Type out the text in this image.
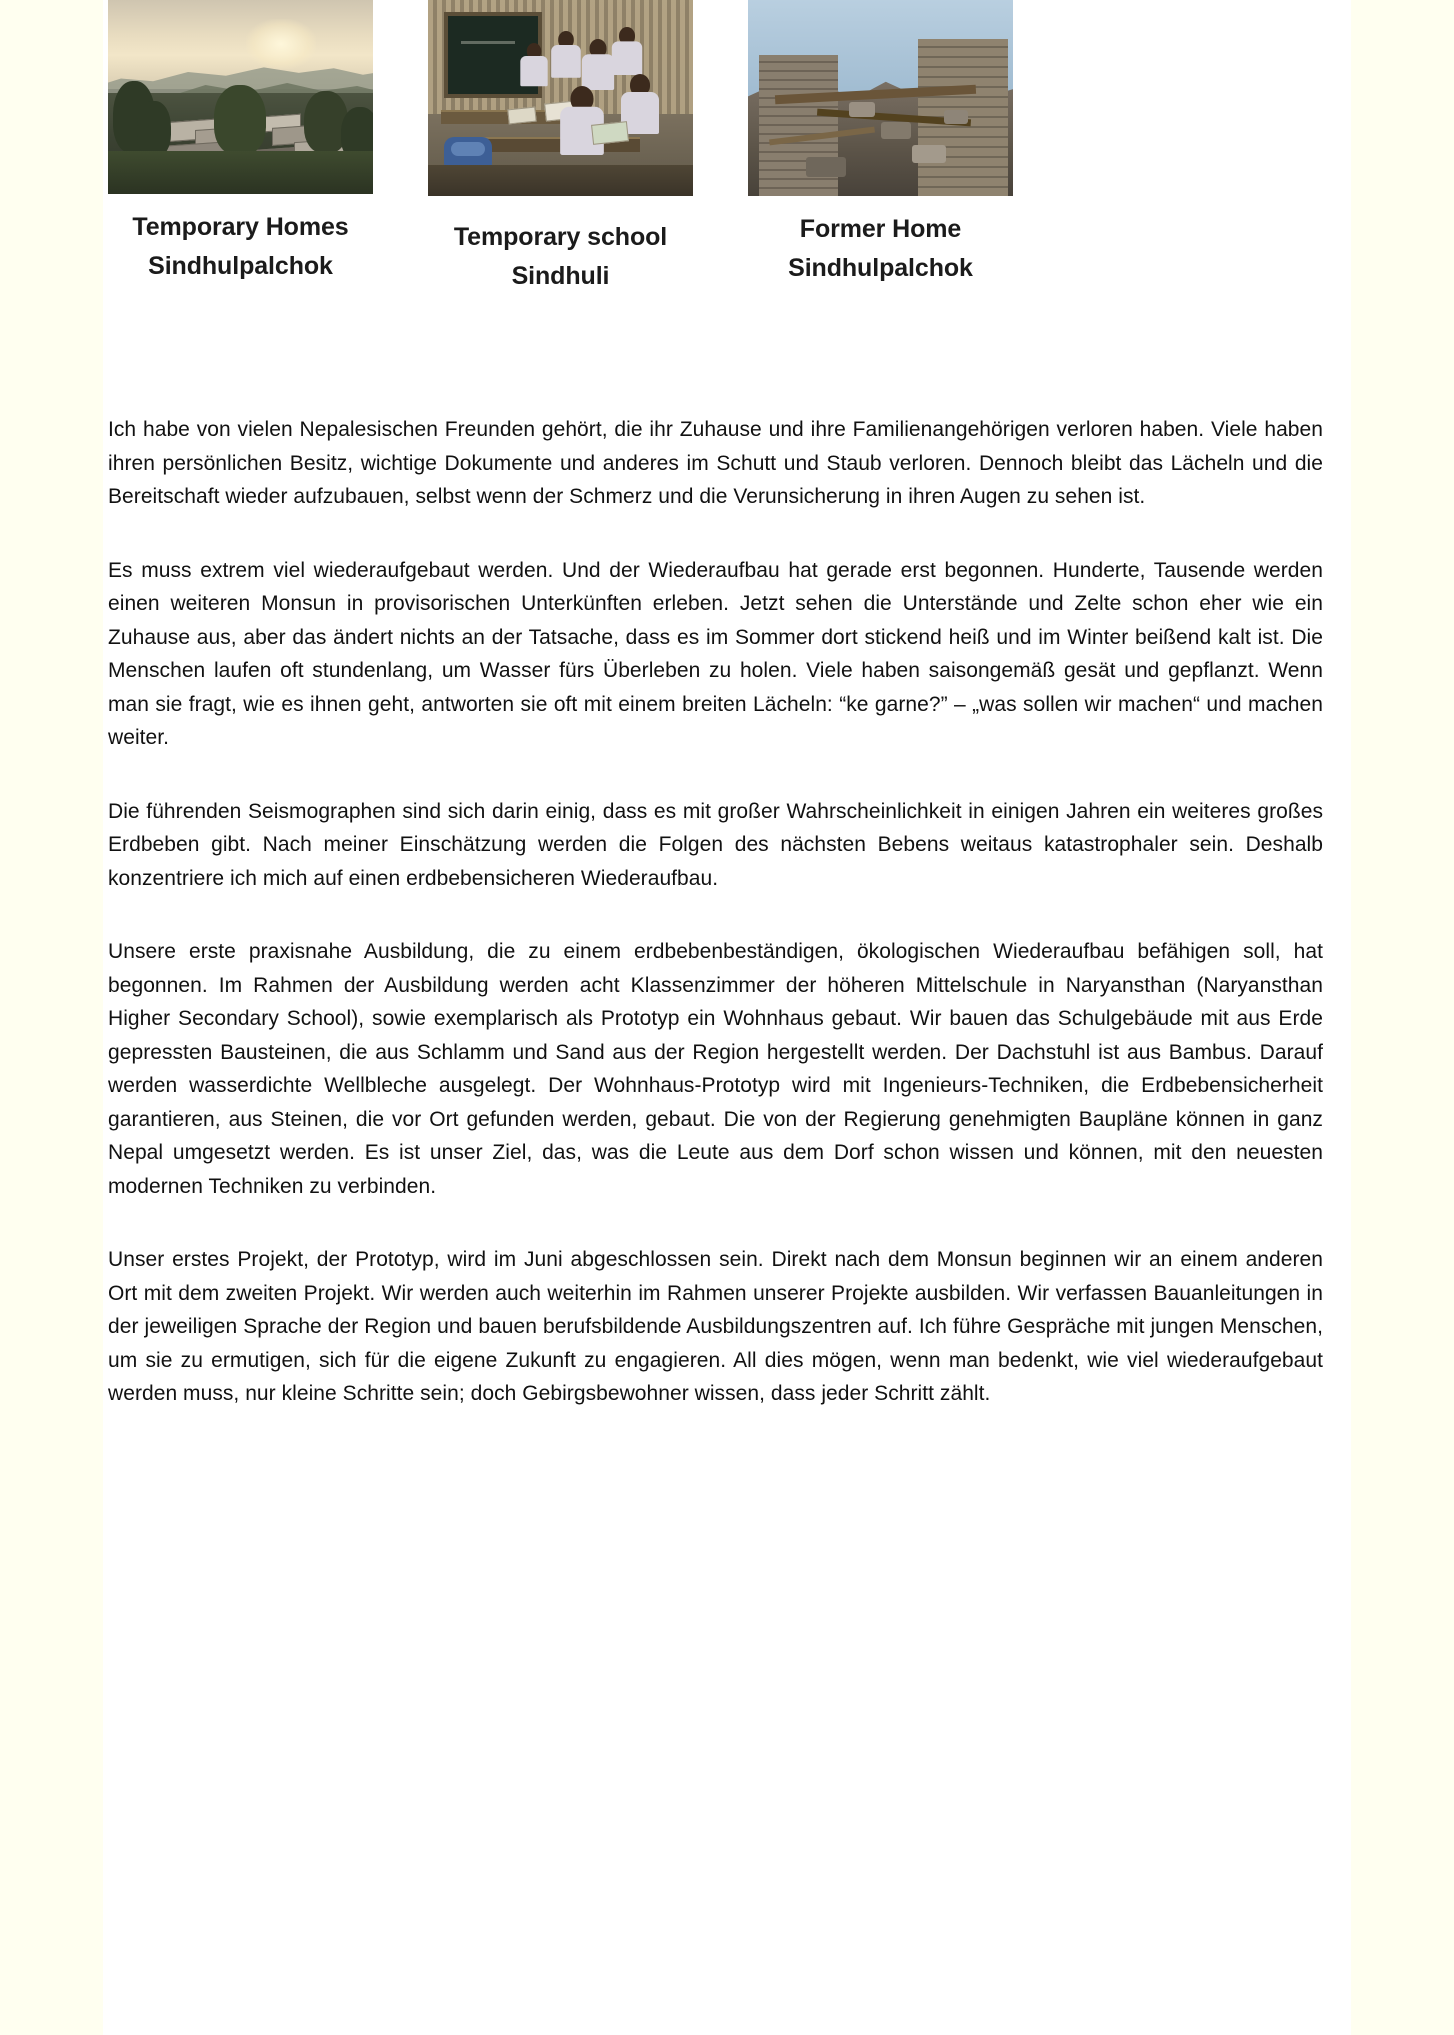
Temporary Homes
Sindhulpalchok
Temporary school
Sindhuli
Former Home
Sindhulpalchok

Ich habe von vielen Nepalesischen Freunden gehört, die ihr Zuhause und ihre Familienangehörigen verloren haben. Viele haben ihren persönlichen Besitz, wichtige Dokumente und anderes im Schutt und Staub verloren. Dennoch bleibt das Lächeln und die Bereitschaft wieder aufzubauen, selbst wenn der Schmerz und die Verunsicherung in ihren Augen zu sehen ist.

Es muss extrem viel wiederaufgebaut werden. Und der Wiederaufbau hat gerade erst begonnen. Hunderte, Tausende werden einen weiteren Monsun in provisorischen Unterkünften erleben. Jetzt sehen die Unterstände und Zelte schon eher wie ein Zuhause aus, aber das ändert nichts an der Tatsache, dass es im Sommer dort stickend heiß und im Winter beißend kalt ist. Die Menschen laufen oft stundenlang, um Wasser fürs Überleben zu holen. Viele haben saisongemäß gesät und gepflanzt. Wenn man sie fragt, wie es ihnen geht, antworten sie oft mit einem breiten Lächeln: “ke garne?” – „was sollen wir machen“ und machen weiter.

Die führenden Seismographen sind sich darin einig, dass es mit großer Wahrscheinlichkeit in einigen Jahren ein weiteres großes Erdbeben gibt. Nach meiner Einschätzung werden die Folgen des nächsten Bebens weitaus katastrophaler sein. Deshalb konzentriere ich mich auf einen erdbebensicheren Wiederaufbau.

Unsere erste praxisnahe Ausbildung, die zu einem erdbebenbeständigen, ökologischen Wiederaufbau befähigen soll, hat begonnen. Im Rahmen der Ausbildung werden acht Klassenzimmer der höheren Mittelschule in Naryansthan (Naryansthan Higher Secondary School), sowie exemplarisch als Prototyp ein Wohnhaus gebaut. Wir bauen das Schulgebäude mit aus Erde gepressten Bausteinen, die aus Schlamm und Sand aus der Region hergestellt werden. Der Dachstuhl ist aus Bambus. Darauf werden wasserdichte Wellbleche ausgelegt. Der Wohnhaus-Prototyp wird mit Ingenieurs-Techniken, die Erdbebensicherheit garantieren, aus Steinen, die vor Ort gefunden werden, gebaut. Die von der Regierung genehmigten Baupläne können in ganz Nepal umgesetzt werden. Es ist unser Ziel, das, was die Leute aus dem Dorf schon wissen und können, mit den neuesten modernen Techniken zu verbinden.

Unser erstes Projekt, der Prototyp, wird im Juni abgeschlossen sein. Direkt nach dem Monsun beginnen wir an einem anderen Ort mit dem zweiten Projekt. Wir werden auch weiterhin im Rahmen unserer Projekte ausbilden. Wir verfassen Bauanleitungen in der jeweiligen Sprache der Region und bauen berufsbildende Ausbildungszentren auf. Ich führe Gespräche mit jungen Menschen, um sie zu ermutigen, sich für die eigene Zukunft zu engagieren. All dies mögen, wenn man bedenkt, wie viel wiederaufgebaut werden muss, nur kleine Schritte sein; doch Gebirgsbewohner wissen, dass jeder Schritt zählt.
